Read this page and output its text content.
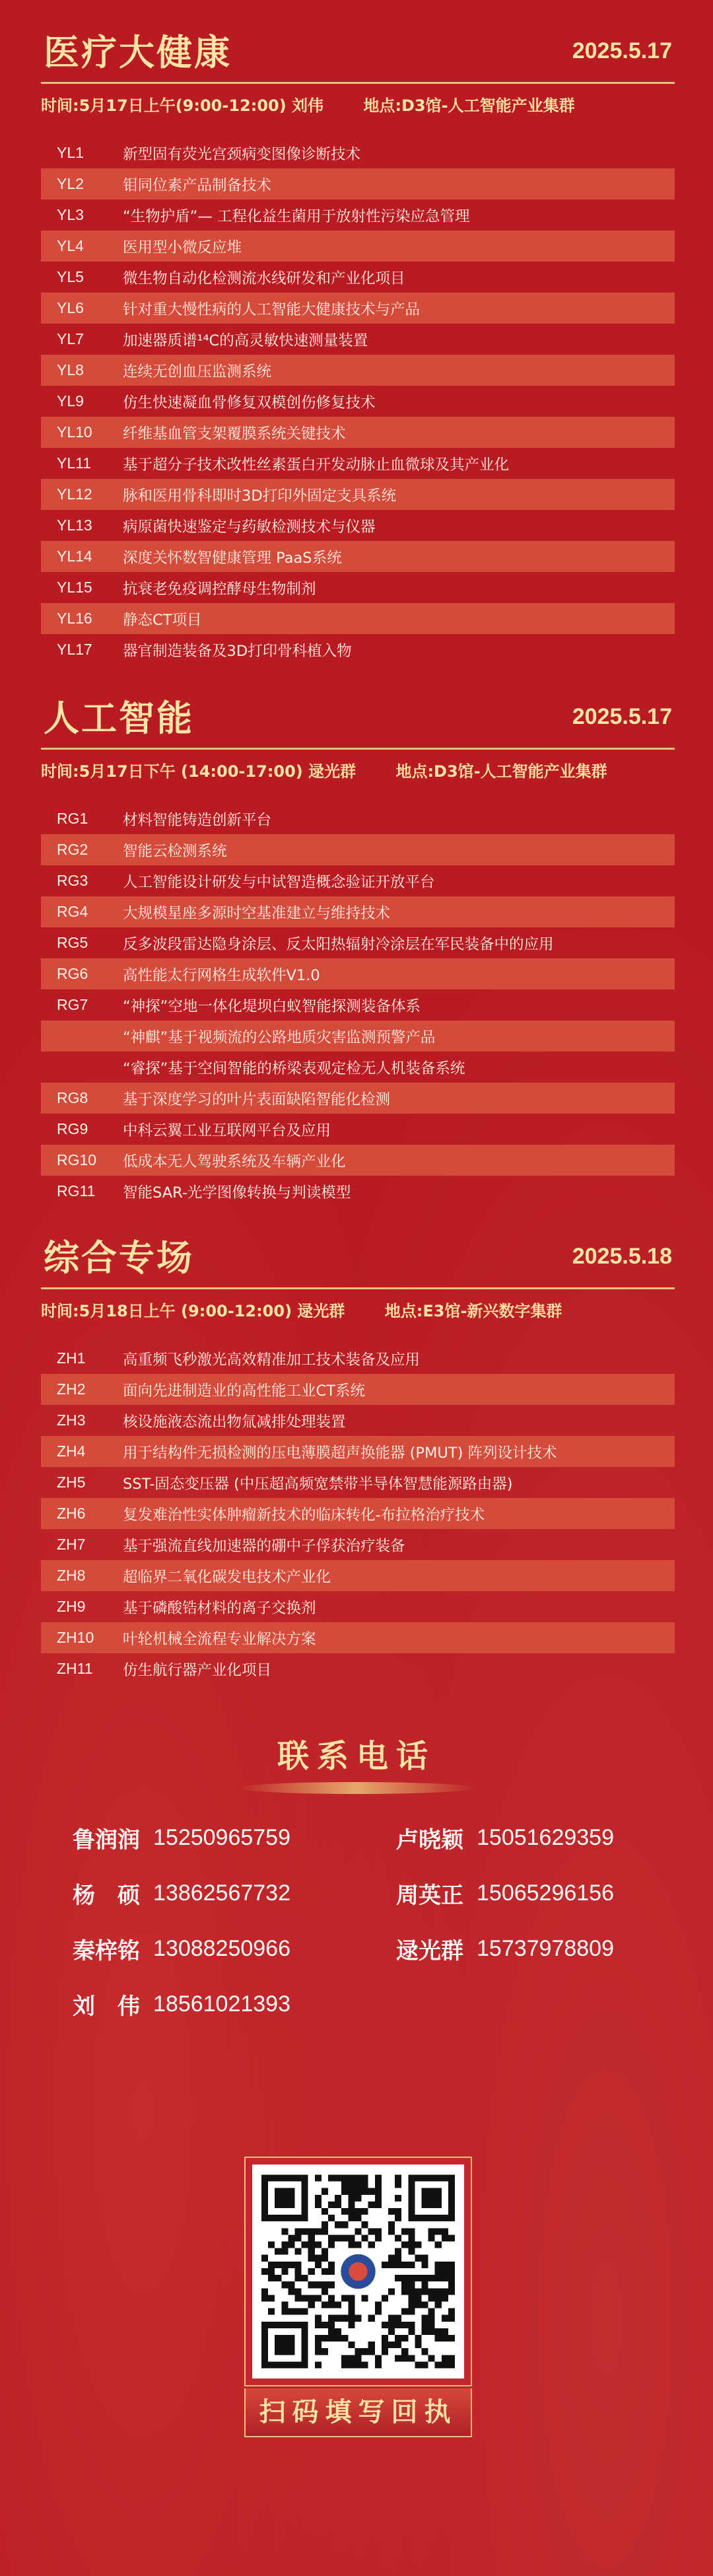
医疗大健康	2025.5.17
时间:5月17日上午(9:00-12:00) 刘伟	地点:D3馆-人工智能产业集群
YL1	新型固有荧光宫颈病变图像诊断技术
YL2	钼同位素产品制备技术
YL3	“生物护盾”— 工程化益生菌用于放射性污染应急管理
YL4	医用型小微反应堆
YL5	微生物自动化检测流水线研发和产业化项目
YL6	针对重大慢性病的人工智能大健康技术与产品
YL7	加速器质谱¹⁴C的高灵敏快速测量装置
YL8	连续无创血压监测系统
YL9	仿生快速凝血骨修复双模创伤修复技术
YL10	纤维基血管支架覆膜系统关键技术
YL11	基于超分子技术改性丝素蛋白开发动脉止血微球及其产业化
YL12	脉和医用骨科即时3D打印外固定支具系统
YL13	病原菌快速鉴定与药敏检测技术与仪器
YL14	深度关怀数智健康管理 PaaS系统
YL15	抗衰老免疫调控酵母生物制剂
YL16	静态CT项目
YL17	器官制造装备及3D打印骨科植入物
人工智能	2025.5.17
时间:5月17日下午 (14:00-17:00) 逯光群	地点:D3馆-人工智能产业集群
RG1	材料智能铸造创新平台
RG2	智能云检测系统
RG3	人工智能设计研发与中试智造概念验证开放平台
RG4	大规模星座多源时空基准建立与维持技术
RG5	反多波段雷达隐身涂层、反太阳热辐射冷涂层在军民装备中的应用
RG6	高性能太行网格生成软件V1.0
RG7	“神探”空地一体化堤坝白蚁智能探测装备体系
“神麒”基于视频流的公路地质灾害监测预警产品
“睿探”基于空间智能的桥梁表观定检无人机装备系统
RG8	基于深度学习的叶片表面缺陷智能化检测
RG9	中科云翼工业互联网平台及应用
RG10	低成本无人驾驶系统及车辆产业化
RG11	智能SAR-光学图像转换与判读模型
综合专场	2025.5.18
时间:5月18日上午 (9:00-12:00) 逯光群	地点:E3馆-新兴数字集群
ZH1	高重频飞秒激光高效精准加工技术装备及应用
ZH2	面向先进制造业的高性能工业CT系统
ZH3	核设施液态流出物氚减排处理装置
ZH4	用于结构件无损检测的压电薄膜超声换能器 (PMUT) 阵列设计技术
ZH5	SST-固态变压器 (中压超高频宽禁带半导体智慧能源路由器)
ZH6	复发难治性实体肿瘤新技术的临床转化-布拉格治疗技术
ZH7	基于强流直线加速器的硼中子俘获治疗装备
ZH8	超临界二氧化碳发电技术产业化
ZH9	基于磷酸锆材料的离子交换剂
ZH10	叶轮机械全流程专业解决方案
ZH11	仿生航行器产业化项目
联系电话
鲁润润 15250965759	卢晓颖 15051629359
杨　硕 13862567732	周英正 15065296156
秦梓铭 13088250966	逯光群 15737978809
刘　伟 18561021393
扫码填写回执
